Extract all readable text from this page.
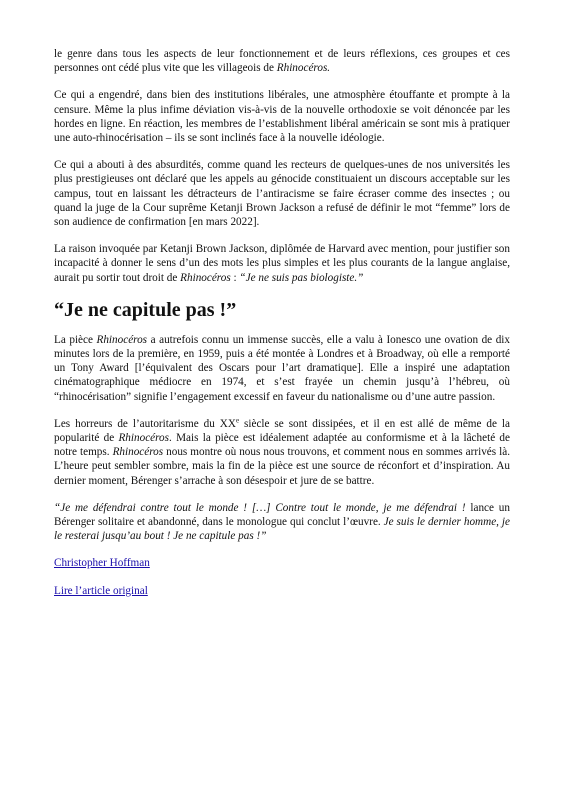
le genre dans tous les aspects de leur fonctionnement et de leurs réflexions, ces groupes et ces personnes ont cédé plus vite que les villageois de Rhinocéros.

Ce qui a engendré, dans bien des institutions libérales, une atmosphère étouffante et prompte à la censure. Même la plus infime déviation vis-à-vis de la nouvelle orthodoxie se voit dénoncée par les hordes en ligne. En réaction, les membres de l’establishment libéral américain se sont mis à pratiquer une auto-rhinocérisation – ils se sont inclinés face à la nouvelle idéologie.

Ce qui a abouti à des absurdités, comme quand les recteurs de quelques-unes de nos universités les plus prestigieuses ont déclaré que les appels au génocide constituaient un discours acceptable sur les campus, tout en laissant les détracteurs de l’antiracisme se faire écraser comme des insectes ; ou quand la juge de la Cour suprême Ketanji Brown Jackson a refusé de définir le mot “femme” lors de son audience de confirmation [en mars 2022].

La raison invoquée par Ketanji Brown Jackson, diplômée de Harvard avec mention, pour justifier son incapacité à donner le sens d’un des mots les plus simples et les plus courants de la langue anglaise, aurait pu sortir tout droit de Rhinocéros : “Je ne suis pas biologiste.”

“Je ne capitule pas !”

La pièce Rhinocéros a autrefois connu un immense succès, elle a valu à Ionesco une ovation de dix minutes lors de la première, en 1959, puis a été montée à Londres et à Broadway, où elle a remporté un Tony Award [l’équivalent des Oscars pour l’art dramatique]. Elle a inspiré une adaptation cinématographique médiocre en 1974, et s’est frayée un chemin jusqu’à l’hébreu, où “rhinocérisation” signifie l’engagement excessif en faveur du nationalisme ou d’une autre passion.

Les horreurs de l’autoritarisme du XXe siècle se sont dissipées, et il en est allé de même de la popularité de Rhinocéros. Mais la pièce est idéalement adaptée au conformisme et à la lâcheté de notre temps. Rhinocéros nous montre où nous nous trouvons, et comment nous en sommes arrivés là. L’heure peut sembler sombre, mais la fin de la pièce est une source de réconfort et d’inspiration. Au dernier moment, Bérenger s’arrache à son désespoir et jure de se battre.

“Je me défendrai contre tout le monde ! […] Contre tout le monde, je me défendrai ! lance un Bérenger solitaire et abandonné, dans le monologue qui conclut l’œuvre. Je suis le dernier homme, je le resterai jusqu’au bout ! Je ne capitule pas !”

Christopher Hoffman
Lire l’article original
